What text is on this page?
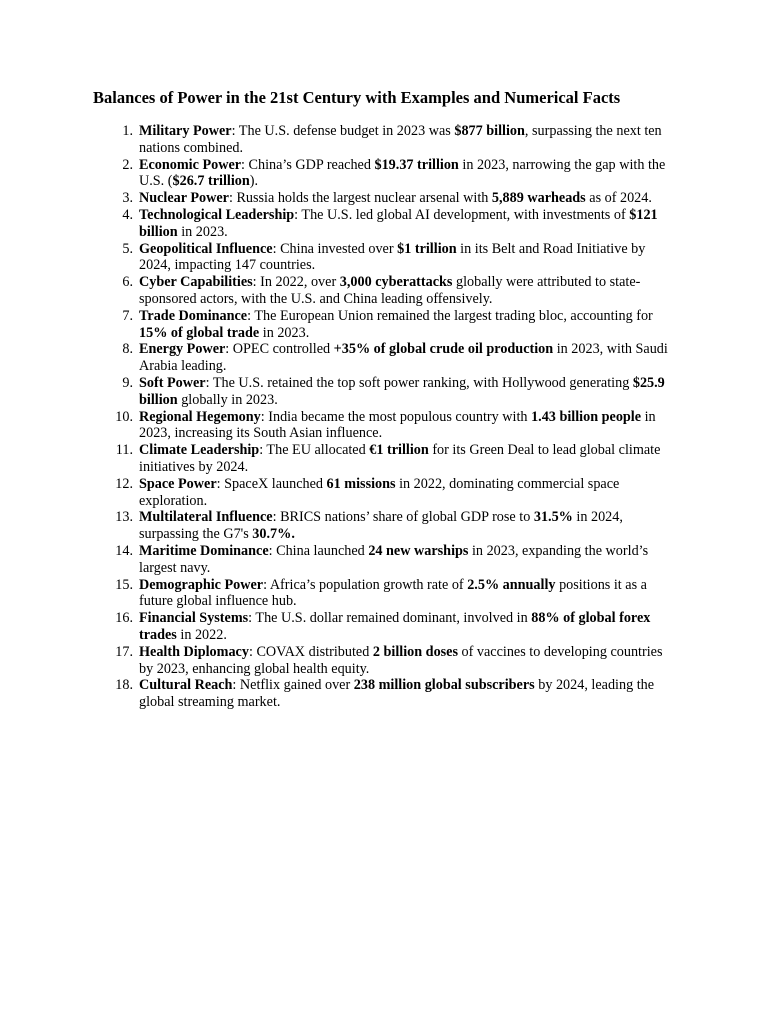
Balances of Power in the 21st Century with Examples and Numerical Facts
1. Military Power: The U.S. defense budget in 2023 was $877 billion, surpassing the next ten nations combined.
2. Economic Power: China’s GDP reached $19.37 trillion in 2023, narrowing the gap with the U.S. ($26.7 trillion).
3. Nuclear Power: Russia holds the largest nuclear arsenal with 5,889 warheads as of 2024.
4. Technological Leadership: The U.S. led global AI development, with investments of $121 billion in 2023.
5. Geopolitical Influence: China invested over $1 trillion in its Belt and Road Initiative by 2024, impacting 147 countries.
6. Cyber Capabilities: In 2022, over 3,000 cyberattacks globally were attributed to state-sponsored actors, with the U.S. and China leading offensively.
7. Trade Dominance: The European Union remained the largest trading bloc, accounting for 15% of global trade in 2023.
8. Energy Power: OPEC controlled +35% of global crude oil production in 2023, with Saudi Arabia leading.
9. Soft Power: The U.S. retained the top soft power ranking, with Hollywood generating $25.9 billion globally in 2023.
10. Regional Hegemony: India became the most populous country with 1.43 billion people in 2023, increasing its South Asian influence.
11. Climate Leadership: The EU allocated €1 trillion for its Green Deal to lead global climate initiatives by 2024.
12. Space Power: SpaceX launched 61 missions in 2022, dominating commercial space exploration.
13. Multilateral Influence: BRICS nations’ share of global GDP rose to 31.5% in 2024, surpassing the G7's 30.7%.
14. Maritime Dominance: China launched 24 new warships in 2023, expanding the world’s largest navy.
15. Demographic Power: Africa’s population growth rate of 2.5% annually positions it as a future global influence hub.
16. Financial Systems: The U.S. dollar remained dominant, involved in 88% of global forex trades in 2022.
17. Health Diplomacy: COVAX distributed 2 billion doses of vaccines to developing countries by 2023, enhancing global health equity.
18. Cultural Reach: Netflix gained over 238 million global subscribers by 2024, leading the global streaming market.
